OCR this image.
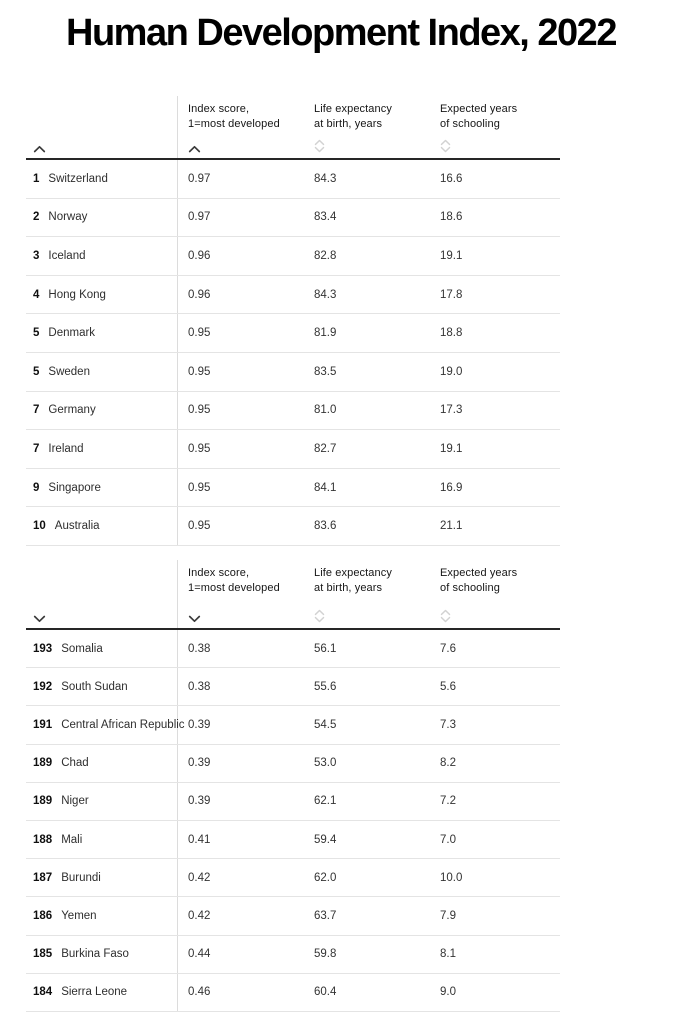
Human Development Index, 2022
Index score,
1=most developed
Life expectancy
at birth, years
Expected years
of schooling
1 Switzerland	0.97	84.3	16.6
2 Norway	0.97	83.4	18.6
3 Iceland	0.96	82.8	19.1
4 Hong Kong	0.96	84.3	17.8
5 Denmark	0.95	81.9	18.8
5 Sweden	0.95	83.5	19.0
7 Germany	0.95	81.0	17.3
7 Ireland	0.95	82.7	19.1
9 Singapore	0.95	84.1	16.9
10 Australia	0.95	83.6	21.1
Index score,
1=most developed
Life expectancy
at birth, years
Expected years
of schooling
193 Somalia	0.38	56.1	7.6
192 South Sudan	0.38	55.6	5.6
191 Central African Republic 0.39	54.5	7.3
189 Chad	0.39	53.0	8.2
189 Niger	0.39	62.1	7.2
188 Mali	0.41	59.4	7.0
187 Burundi	0.42	62.0	10.0
186 Yemen	0.42	63.7	7.9
185 Burkina Faso	0.44	59.8	8.1
184 Sierra Leone	0.46	60.4	9.0
